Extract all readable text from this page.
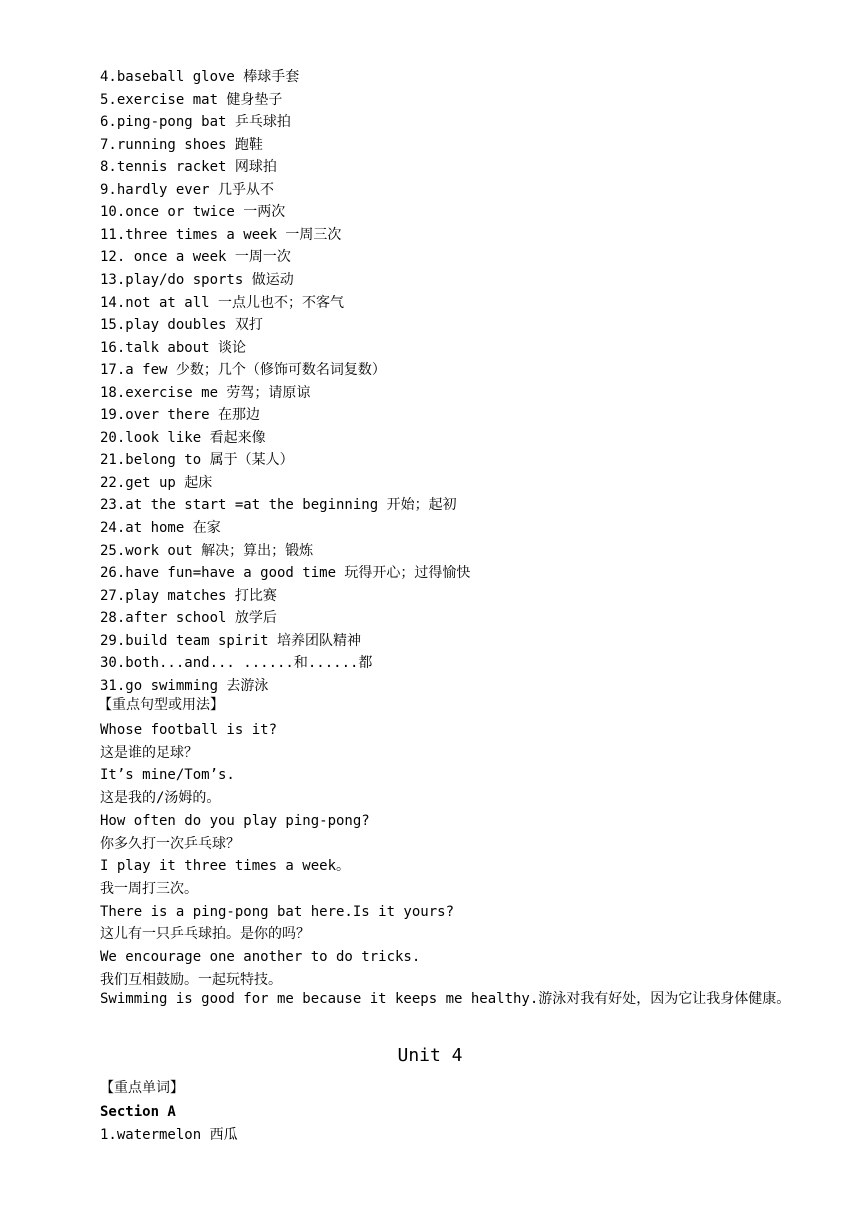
4.baseball glove 棒球手套
5.exercise mat 健身垫子
6.ping-pong bat 乒乓球拍
7.running shoes 跑鞋
8.tennis racket 网球拍
9.hardly ever 几乎从不
10.once or twice 一两次
11.three times a week 一周三次
12. once a week 一周一次
13.play/do sports 做运动
14.not at all 一点儿也不；不客气
15.play doubles 双打
16.talk about 谈论
17.a few 少数；几个（修饰可数名词复数）
18.exercise me 劳驾；请原谅
19.over there 在那边
20.look like 看起来像
21.belong to 属于（某人）
22.get up 起床
23.at the start =at the beginning 开始；起初
24.at home 在家
25.work out 解决；算出；锻炼
26.have fun=have a good time 玩得开心；过得愉快
27.play matches 打比赛
28.after school 放学后
29.build team spirit 培养团队精神
30.both...and... ......和......都
31.go swimming 去游泳
【重点句型或用法】
Whose football is it?
这是谁的足球？
It’s mine/Tom’s.
这是我的/汤姆的。
How often do you play ping-pong?
你多久打一次乒乓球？
I play it three times a week。
我一周打三次。
There is a ping-pong bat here.Is it yours?
这儿有一只乒乓球拍。是你的吗？
We encourage one another to do tricks.
我们互相鼓励。一起玩特技。
Swimming is good for me because it keeps me healthy.游泳对我有好处，因为它让我身体健康。
Unit 4
【重点单词】
Section A
1.watermelon 西瓜
